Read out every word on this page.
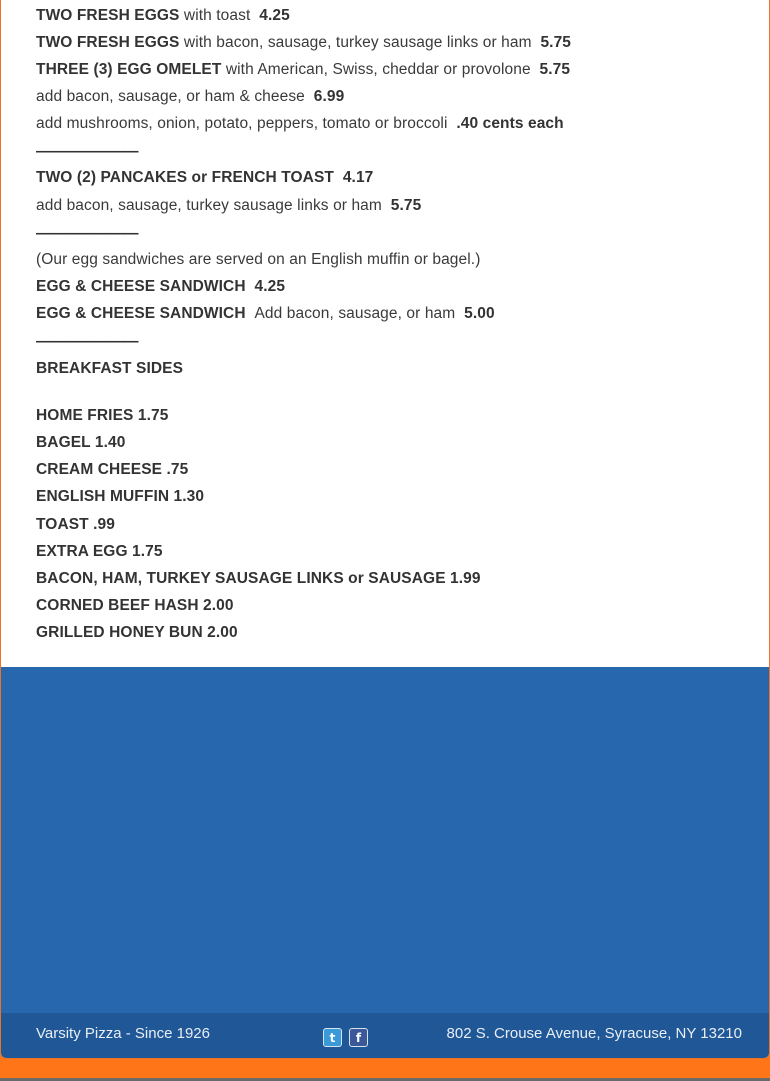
TWO FRESH EGGS with toast 4.25
TWO FRESH EGGS with bacon, sausage, turkey sausage links or ham 5.75
THREE (3) EGG OMELET with American, Swiss, cheddar or provolone 5.75
add bacon, sausage, or ham & cheese 6.99
add mushrooms, onion, potato, peppers, tomato or broccoli .40 cents each
———————
TWO (2) PANCAKES or FRENCH TOAST 4.17
add bacon, sausage, turkey sausage links or ham 5.75
———————
(Our egg sandwiches are served on an English muffin or bagel.)
EGG & CHEESE SANDWICH 4.25
EGG & CHEESE SANDWICH Add bacon, sausage, or ham 5.00
———————
BREAKFAST SIDES
HOME FRIES 1.75
BAGEL 1.40
CREAM CHEESE .75
ENGLISH MUFFIN 1.30
TOAST .99
EXTRA EGG 1.75
BACON, HAM, TURKEY SAUSAGE LINKS or SAUSAGE 1.99
CORNED BEEF HASH 2.00
GRILLED HONEY BUN 2.00
Varsity Pizza - Since 1926	t	f	802 S. Crouse Avenue, Syracuse, NY 13210
